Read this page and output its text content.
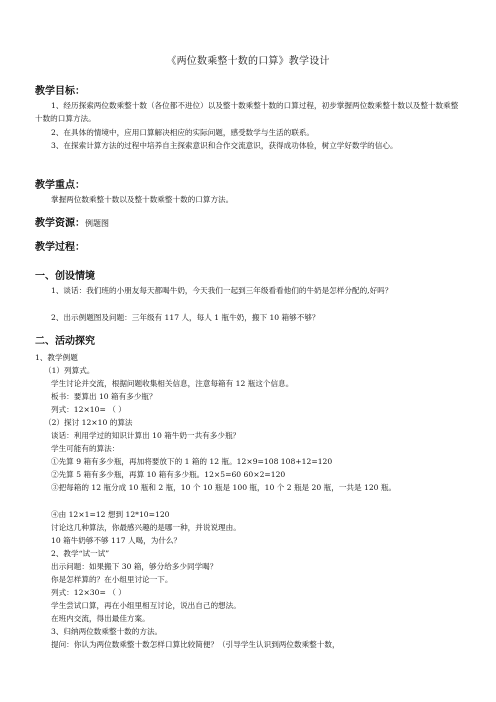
《两位数乘整十数的口算》教学设计
教学目标：
1、经历探索两位数乘整十数（各位都不进位）以及整十数乘整十数的口算过程，初步掌握两位数乘整十数以及整十数乘整十数的口算方法。
2、在具体的情境中，应用口算解决相应的实际问题，感受数学与生活的联系。
3、在探索计算方法的过程中培养自主探索意识和合作交流意识，获得成功体验，树立学好数学的信心。
教学重点：
掌握两位数乘整十数以及整十数乘整十数的口算方法。
教学资源：例题图
教学过程：
一、创设情境
1、谈话：我们班的小朋友每天都喝牛奶，今天我们一起到三年级看看他们的牛奶是怎样分配的,好吗？
2、出示例题图及问题：三年级有 117 人，每人 1 瓶牛奶，搬下 10 箱够不够？
二、活动探究
1、教学例题
（1）列算式。
学生讨论并交流，根据问题收集相关信息，注意每箱有 12 瓶这个信息。
板书：要算出 10 箱有多少瓶？
列式：12×10= （ ）
（2）探讨 12×10 的算法
谈话：利用学过的知识计算出 10 箱牛奶一共有多少瓶？
学生可能有的算法：
①先算 9 箱有多少瓶，再加将要放下的 1 箱的 12 瓶。12×9=108 108+12=120
②先算 5 箱有多少瓶，再算 10 箱有多少瓶。12×5=60 60×2=120
③把每箱的 12 瓶分成 10 瓶和 2 瓶，10 个 10 瓶是 100 瓶，10 个 2 瓶是 20 瓶，一共是 120 瓶。
④由 12×1=12 想到 12*10=120
讨论这几种算法，你最感兴趣的是哪一种，并说说理由。
10 箱牛奶够不够 117 人喝，为什么？
2、教学“试一试”
出示问题：如果搬下 30 箱，够分给多少同学喝？
你是怎样算的？在小组里讨论一下。
列式：12×30= （ ）
学生尝试口算，再在小组里相互讨论，说出自己的想法。
在班内交流，得出最佳方案。
3、归纳两位数乘整十数的方法。
提问：你认为两位数乘整十数怎样口算比较简便？（引导学生认识到两位数乘整十数，
